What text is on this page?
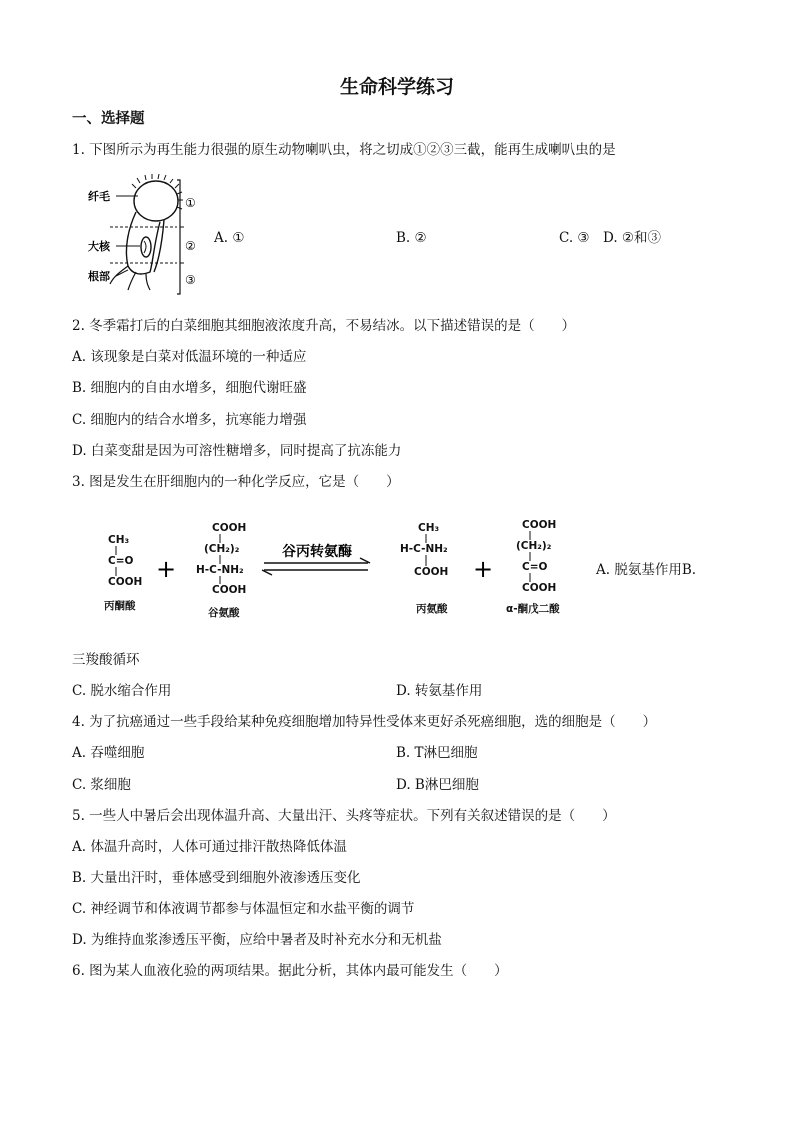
生命科学练习
一、选择题
1. 下图所示为再生能力很强的原生动物喇叭虫，将之切成①②③三截，能再生成喇叭虫的是
纤毛
大核
根部
①
②
③
A. ①	B. ②	C. ③ D. ②和③
2. 冬季霜打后的白菜细胞其细胞液浓度升高，不易结冰。以下描述错误的是（　　）
A. 该现象是白菜对低温环境的一种适应
B. 细胞内的自由水增多，细胞代谢旺盛
C. 细胞内的结合水增多，抗寒能力增强
D. 白菜变甜是因为可溶性糖增多，同时提高了抗冻能力
3. 图是发生在肝细胞内的一种化学反应，它是（　　）
CH₃
C=O
COOH
丙酮酸
COOH
(CH₂)₂
H-C-NH₂
COOH
谷氨酸
CH₃
H-C-NH₂
COOH
丙氨酸
COOH
(CH₂)₂
C=O
COOH
α-酮戊二酸
+	+
谷丙转氨酶
A. 脱氨基作用B.
三羧酸循环
C. 脱水缩合作用	D. 转氨基作用
4. 为了抗癌通过一些手段给某种免疫细胞增加特异性受体来更好杀死癌细胞，选的细胞是（　　）
A. 吞噬细胞	B. T淋巴细胞
C. 浆细胞	D. B淋巴细胞
5. 一些人中暑后会出现体温升高、大量出汗、头疼等症状。下列有关叙述错误的是（　　）
A. 体温升高时，人体可通过排汗散热降低体温
B. 大量出汗时，垂体感受到细胞外液渗透压变化
C. 神经调节和体液调节都参与体温恒定和水盐平衡的调节
D. 为维持血浆渗透压平衡，应给中暑者及时补充水分和无机盐
6. 图为某人血液化验的两项结果。据此分析，其体内最可能发生（　　）
